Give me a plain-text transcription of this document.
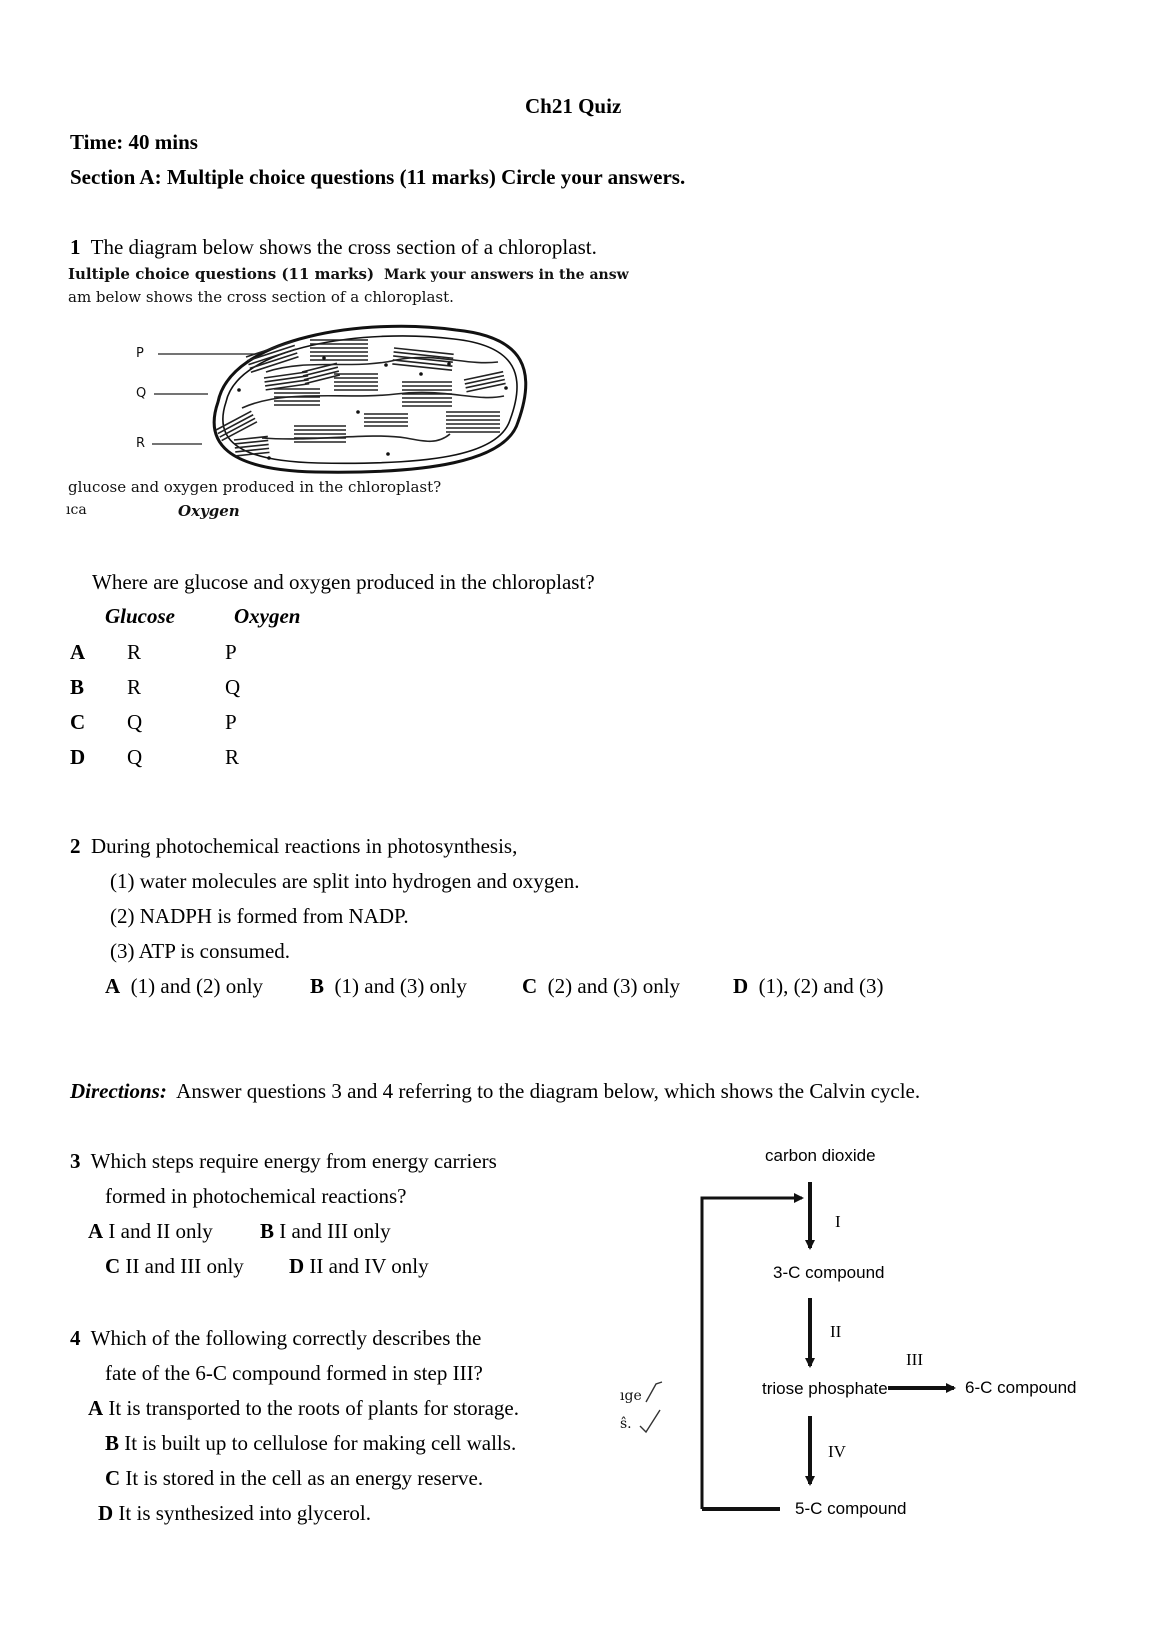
Ch21 Quiz
Time: 40 mins
Section A: Multiple choice questions (11 marks) Circle your answers.
1 The diagram below shows the cross section of a chloroplast.
Iultiple choice questions (11 marks) Mark your answers in the answ
am below shows the cross section of a chloroplast.
P
Q
R
glucose and oxygen produced in the chloroplast?
ıса	Oxygen
Where are glucose and oxygen produced in the chloroplast?
Glucose	Oxygen
A R	P
B R	Q
C Q	P
D Q	R
2 During photochemical reactions in photosynthesis,
(1) water molecules are split into hydrogen and oxygen.
(2) NADPH is formed from NADP.
(3) ATP is consumed.
A (1) and (2) only B (1) and (3) only	C (2) and (3) only	D (1), (2) and (3)
Directions: Answer questions 3 and 4 referring to the diagram below, which shows the Calvin cycle.
3 Which steps require energy from energy carriers
formed in photochemical reactions?
A I and II only B I and III only
C II and III only D II and IV only
4 Which of the following correctly describes the
fate of the 6-C compound formed in step III?
A It is transported to the roots of plants for storage.
B It is built up to cellulose for making cell walls.
C It is stored in the cell as an energy reserve.
D It is synthesized into glycerol.
carbon dioxide
I
3-C compound
II
III
triose phosphate	6-C compound
IV
5-C compound
ıge
ŝ.
